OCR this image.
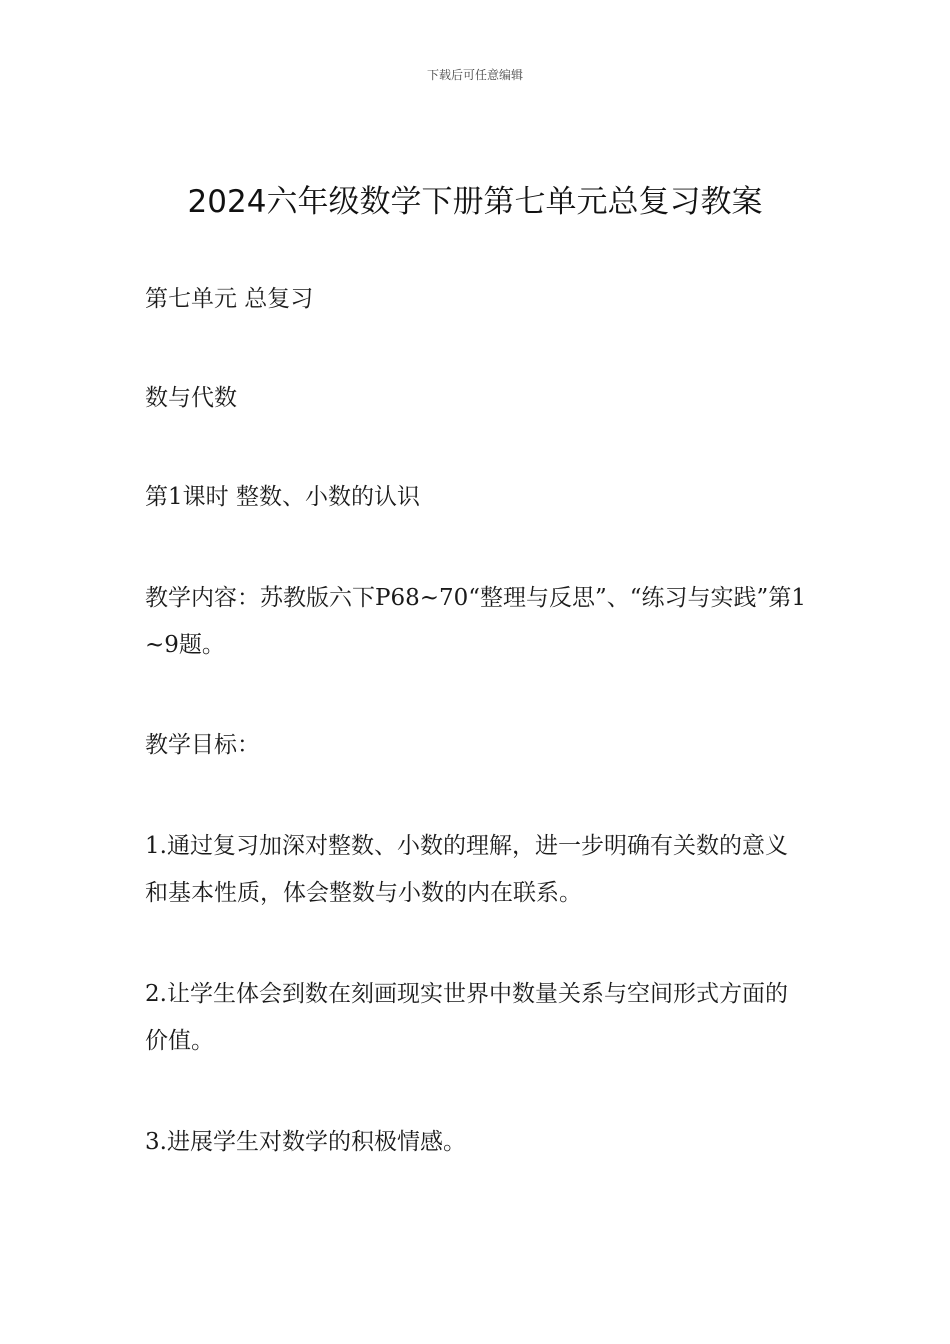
下载后可任意编辑
2024六年级数学下册第七单元总复习教案

第七单元 总复习

数与代数

第1课时 整数、小数的认识

教学内容：苏教版六下P68~70“整理与反思”、“练习与实践”第1~9题。

教学目标：

1.通过复习加深对整数、小数的理解，进一步明确有关数的意义和基本性质，体会整数与小数的内在联系。

2.让学生体会到数在刻画现实世界中数量关系与空间形式方面的价值。

3.进展学生对数学的积极情感。
